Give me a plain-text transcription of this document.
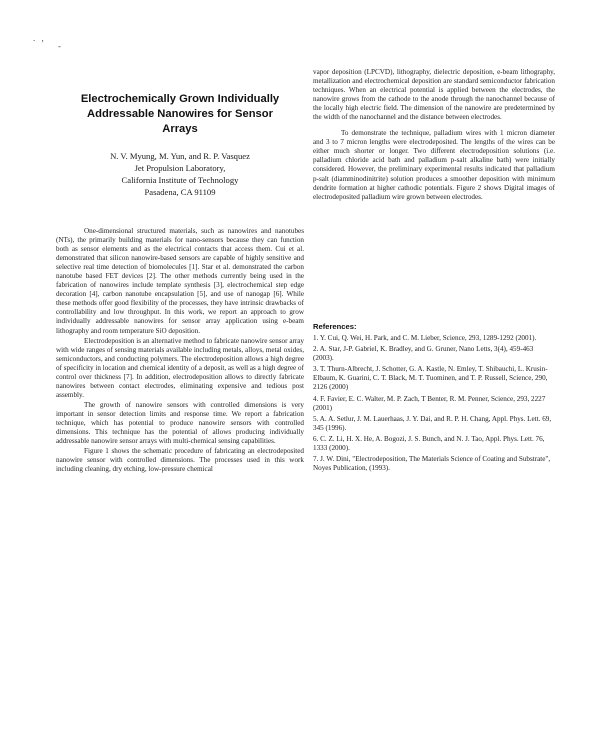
. ,
-
Electrochemically Grown Individually
Addressable Nanowires for Sensor
Arrays
N. V. Myung, M. Yun, and R. P. Vasquez
Jet Propulsion Laboratory,
California Institute of Technology
Pasadena, CA 91109

One-dimensional structured materials, such as nanowires and nanotubes (NTs), the primarily building materials for nano-sensors because they can function both as sensor elements and as the electrical contacts that access them. Cui et al. demonstrated that silicon nanowire-based sensors are capable of highly sensitive and selective real time detection of biomolecules [1]. Star et al. demonstrated the carbon nanotube based FET devices [2]. The other methods currently being used in the fabrication of nanowires include template synthesis [3], electrochemical step edge decoration [4], carbon nanotube encapsulation [5], and use of nanogap [6]. While these methods offer good flexibility of the processes, they have intrinsic drawbacks of controllability and low throughput. In this work, we report an approach to grow individually addressable nanowires for sensor array application using e-beam lithography and room temperature SiO deposition.

Electrodeposition is an alternative method to fabricate nanowire sensor array with wide ranges of sensing materials available including metals, alloys, metal oxides, semiconductors, and conducting polymers. The electrodeposition allows a high degree of specificity in location and chemical identity of a deposit, as well as a high degree of control over thickness [7]. In addition, electrodeposition allows to directly fabricate nanowires between contact electrodes, eliminating expensive and tedious post assembly.

The growth of nanowire sensors with controlled dimensions is very important in sensor detection limits and response time. We report a fabrication technique, which has potential to produce nanowire sensors with controlled dimensions. This technique has the potential of allows producing individually addressable nanowire sensor arrays with multi-chemical sensing capabilities.

Figure 1 shows the schematic procedure of fabricating an electrodeposited nanowire sensor with controlled dimensions. The processes used in this work including cleaning, dry etching, low-pressure chemical

vapor deposition (LPCVD), lithography, dielectric deposition, e-beam lithography, metallization and electrochemical deposition are standard semiconductor fabrication techniques. When an electrical potential is applied between the electrodes, the nanowire grows from the cathode to the anode through the nanochannel because of the locally high electric field. The dimension of the nanowire are predetermined by the width of the nanochannel and the distance between electrodes.

To demonstrate the technique, palladium wires with 1 micron diameter and 3 to 7 micron lengths were electrodeposited. The lengths of the wires can be either much shorter or longer. Two different electrodeposition solutions (i.e. palladium chloride acid bath and palladium p-salt alkaline bath) were initially considered. However, the preliminary experimental results indicated that palladium p-salt (diamminodinitrite) solution produces a smoother deposition with minimum dendrite formation at higher cathodic potentials. Figure 2 shows Digital images of electrodeposited palladium wire grown between electrodes.

References:

1. Y. Cui, Q. Wei, H. Park, and C. M. Lieber, Science, 293, 1289-1292 (2001).

2. A. Star, J-P. Gabriel, K. Bradley, and G. Gruner, Nano Letts, 3(4), 459-463 (2003).

3. T. Thurn-Albrecht, J. Schotter, G. A. Kastle, N. Emley, T. Shibauchi, L. Krusin-Elbaum, K. Guarini, C. T. Black, M. T. Tuominen, and T. P. Russell, Science, 290, 2126 (2000)

4. F. Favier, E. C. Walter, M. P. Zach, T Benter, R. M. Penner, Science, 293, 2227 (2001)

5. A. A. Setlur, J. M. Lauerhaas, J. Y. Dai, and R. P. H. Chang, Appl. Phys. Lett. 69, 345 (1996).

6. C. Z. Li, H. X. He, A. Bogozi, J. S. Bunch, and N. J. Tao, Appl. Phys. Lett. 76, 1333 (2000).

7. J. W. Dini, "Electrodeposition, The Materials Science of Coating and Substrate", Noyes Publication, (1993).
